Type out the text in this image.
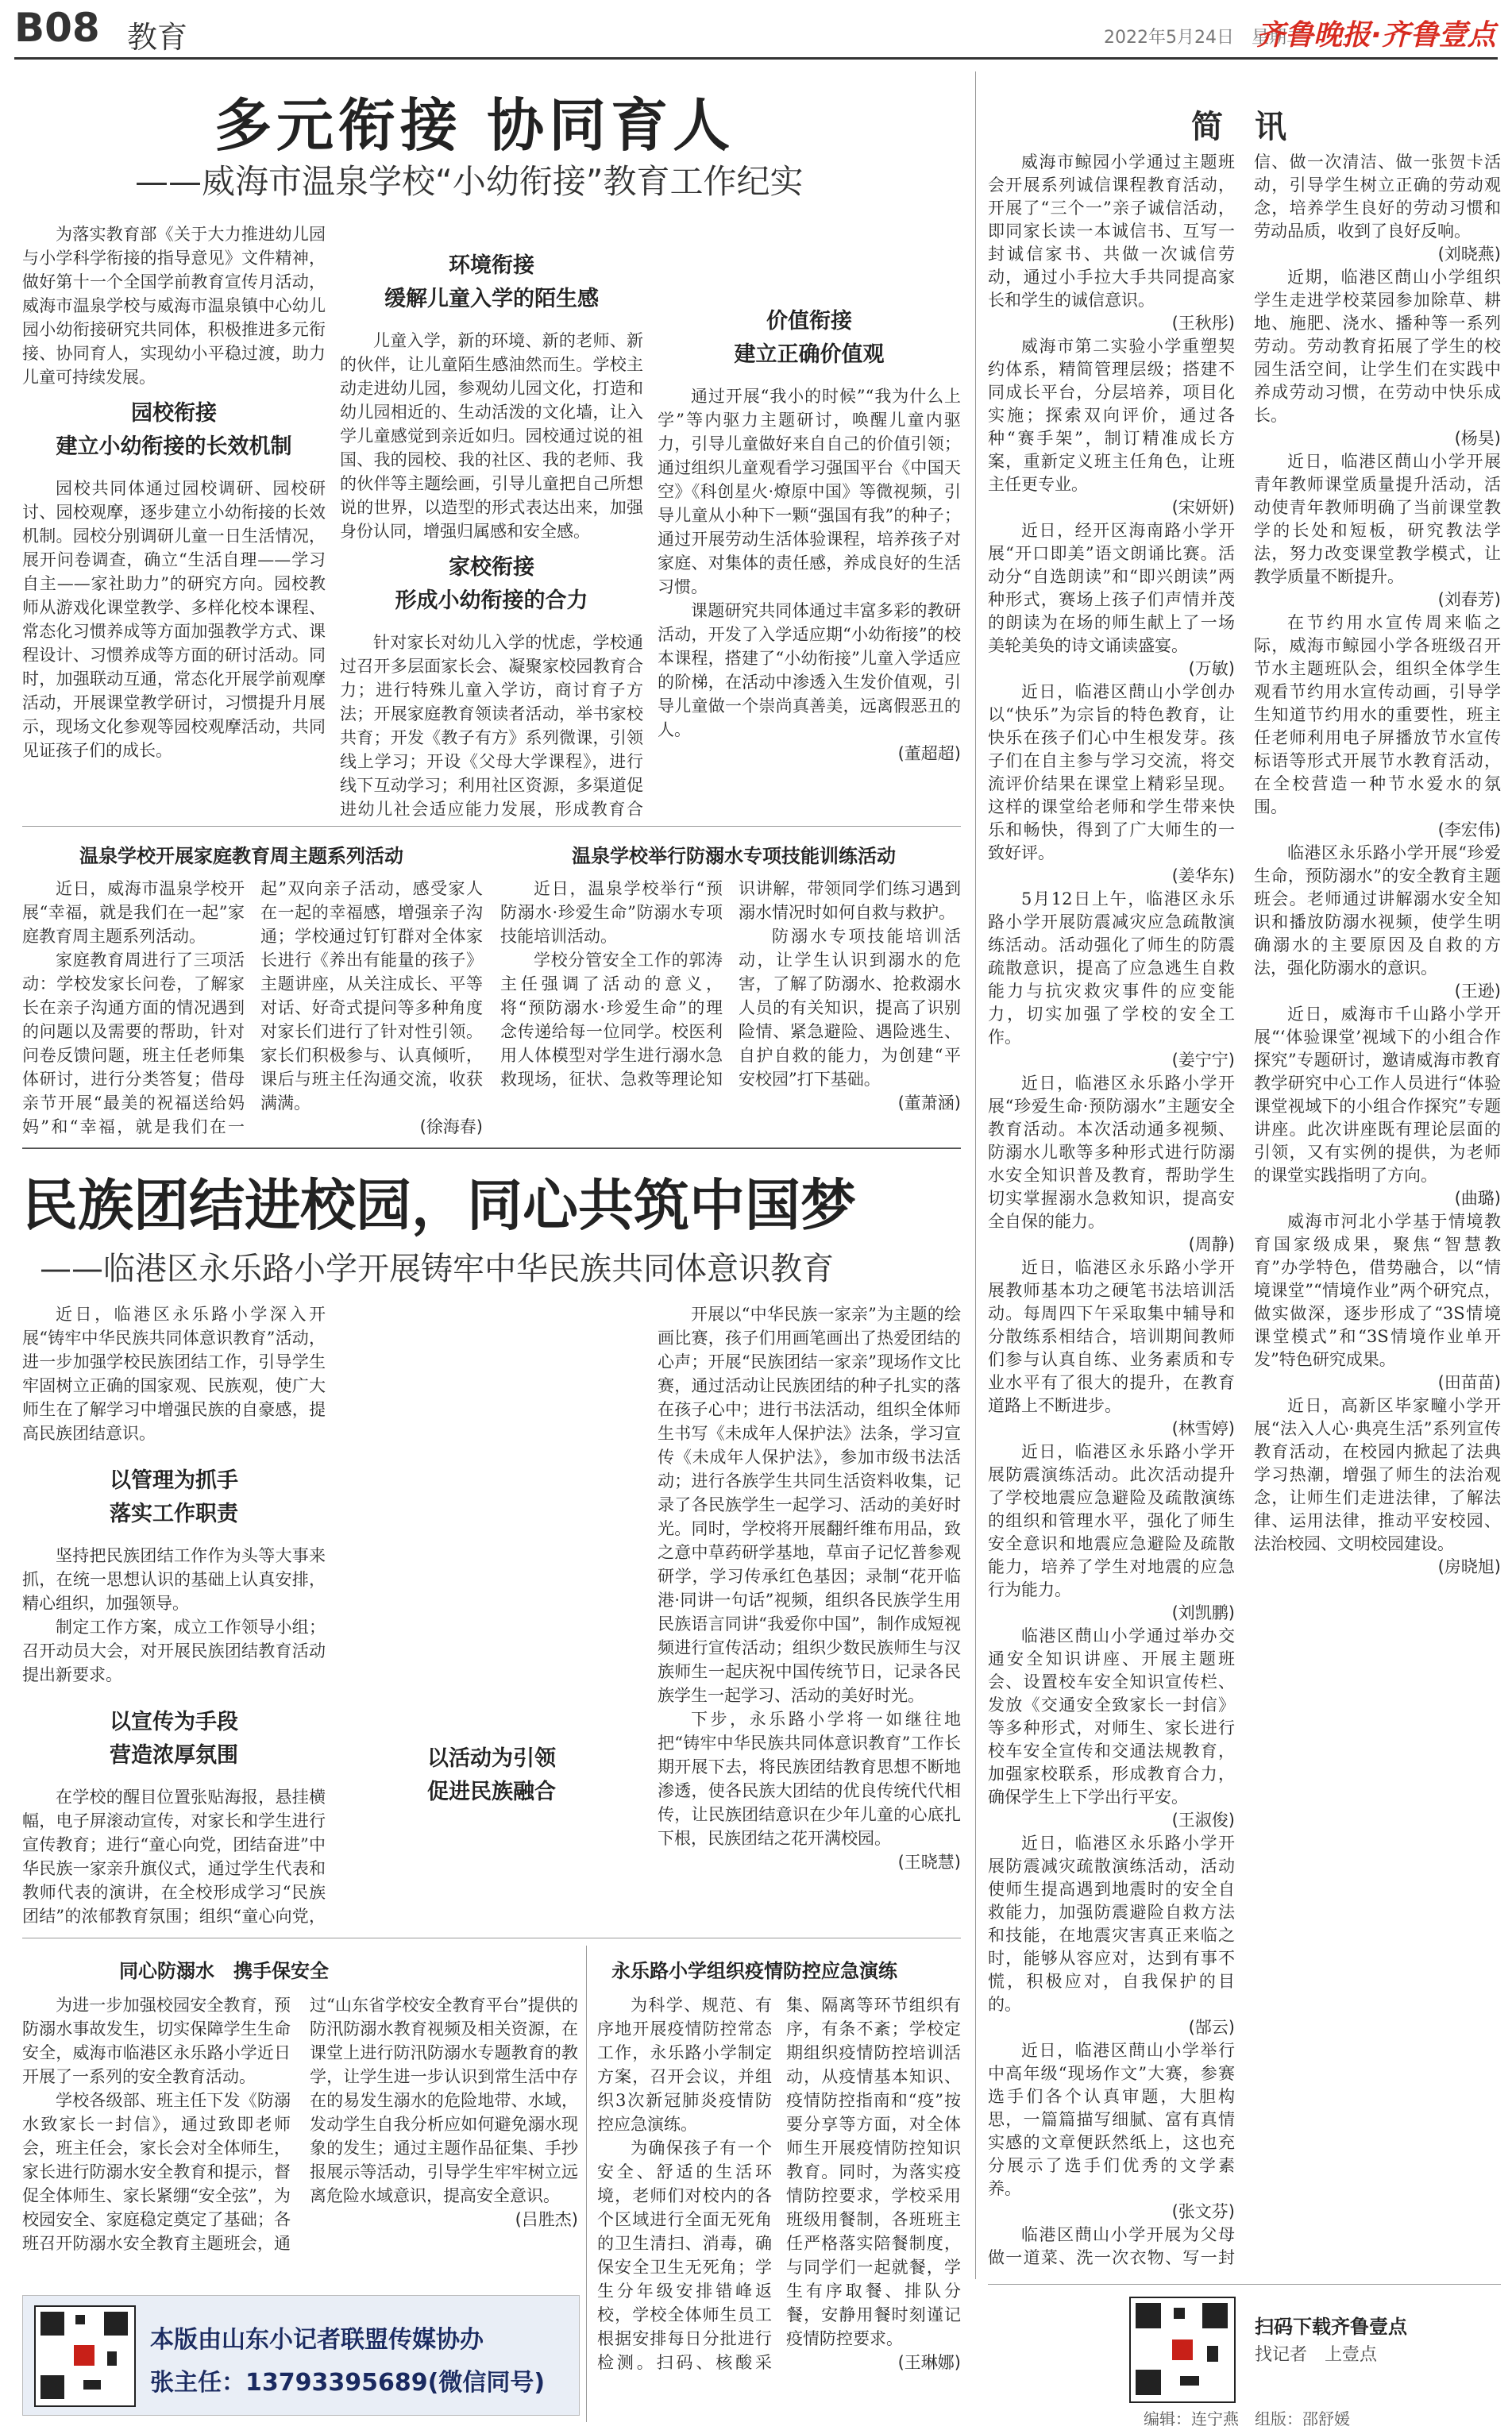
B08 教育	2022年5月24日　星期二
齐鲁晚报·齐鲁壹点
多元衔接 协同育人
——威海市温泉学校“小幼衔接”教育工作纪实

为落实教育部《关于大力推进幼儿园与小学科学衔接的指导意见》文件精神，做好第十一个全国学前教育宣传月活动，威海市温泉学校与威海市温泉镇中心幼儿园小幼衔接研究共同体，积极推进多元衔接、协同育人，实现幼小平稳过渡，助力儿童可持续发展。

园校衔接
建立小幼衔接的长效机制

园校共同体通过园校调研、园校研讨、园校观摩，逐步建立小幼衔接的长效机制。园校分别调研儿童一日生活情况，展开问卷调查，确立“生活自理——学习自主——家社助力”的研究方向。园校教师从游戏化课堂教学、多样化校本课程、常态化习惯养成等方面加强教学方式、课程设计、习惯养成等方面的研讨活动。同时，加强联动互通，常态化开展学前观摩活动，开展课堂教学研讨，习惯提升月展示，现场文化参观等园校观摩活动，共同见证孩子们的成长。

环境衔接
缓解儿童入学的陌生感

儿童入学，新的环境、新的老师、新的伙伴，让儿童陌生感油然而生。学校主动走进幼儿园，参观幼儿园文化，打造和幼儿园相近的、生动活泼的文化墙，让入学儿童感觉到亲近如归。园校通过说的祖国、我的园校、我的社区、我的老师、我的伙伴等主题绘画，引导儿童把自己所想说的世界，以造型的形式表达出来，加强身份认同，增强归属感和安全感。

家校衔接
形成小幼衔接的合力

针对家长对幼儿入学的忧虑，学校通过召开多层面家长会、凝聚家校园教育合力；进行特殊儿童入学访，商讨育子方法；开展家庭教育领读者活动，举书家校共育；开发《教子有方》系列微课，引领线上学习；开设《父母大学课程》，进行线下互动学习；利用社区资源，多渠道促进幼儿社会适应能力发展，形成教育合

价值衔接
建立正确价值观

通过开展“我小的时候”“我为什么上学”等内驱力主题研讨，唤醒儿童内驱力，引导儿童做好来自自己的价值引领；通过组织儿童观看学习强国平台《中国天空》《科创星火·燎原中国》等微视频，引导儿童从小种下一颗“强国有我”的种子；通过开展劳动生活体验课程，培养孩子对家庭、对集体的责任感，养成良好的生活习惯。

课题研究共同体通过丰富多彩的教研活动，开发了入学适应期“小幼衔接”的校本课程，搭建了“小幼衔接”儿童入学适应的阶梯，在活动中渗透入生发价值观，引导儿童做一个崇尚真善美，远离假恶丑的人。

(董超超)

温泉学校开展家庭教育周主题系列活动

近日，威海市温泉学校开展“幸福，就是我们在一起”家庭教育周主题系列活动。

家庭教育周进行了三项活动：学校发家长问卷，了解家长在亲子沟通方面的情况遇到的问题以及需要的帮助，针对问卷反馈问题，班主任老师集体研讨，进行分类答复；借母亲节开展“最美的祝福送给妈妈”和“幸福，就是我们在一起”双向亲子活动，感受家人在一起的幸福感，增强亲子沟通；学校通过钉钉群对全体家长进行《养出有能量的孩子》主题讲座，从关注成长、平等对话、好奇式提问等多种角度对家长们进行了针对性引领。家长们积极参与、认真倾听，课后与班主任沟通交流，收获满满。

(徐海春)

温泉学校举行防溺水专项技能训练活动

近日，温泉学校举行“预防溺水·珍爱生命”防溺水专项技能培训活动。

学校分管安全工作的郭涛主任强调了活动的意义，将“预防溺水·珍爱生命”的理念传递给每一位同学。校医利用人体模型对学生进行溺水急救现场，征状、急救等理论知识讲解，带领同学们练习遇到溺水情况时如何自救与救护。

防溺水专项技能培训活动，让学生认识到溺水的危害，了解了防溺水、抢救溺水人员的有关知识，提高了识别险情、紧急避险、遇险逃生、自护自救的能力，为创建“平安校园”打下基础。

(董萧涵)

民族团结进校园，同心共筑中国梦
——临港区永乐路小学开展铸牢中华民族共同体意识教育

近日，临港区永乐路小学深入开展“铸牢中华民族共同体意识教育”活动，进一步加强学校民族团结工作，引导学生牢固树立正确的国家观、民族观，使广大师生在了解学习中增强民族的自豪感，提高民族团结意识。

以管理为抓手
落实工作职责

坚持把民族团结工作作为头等大事来抓，在统一思想认识的基础上认真安排，精心组织，加强领导。

制定工作方案，成立工作领导小组；召开动员大会，对开展民族团结教育活动提出新要求。

以宣传为手段
营造浓厚氛围

在学校的醒目位置张贴海报，悬挂横幅，电子屏滚动宣传，对家长和学生进行宣传教育；进行“童心向党，团结奋进”中华民族一家亲升旗仪式，通过学生代表和教师代表的演讲，在全校形成学习“民族团结”的浓郁教育氛围；组织“童心向党，

以活动为引领
促进民族融合

开展以“中华民族一家亲”为主题的绘画比赛，孩子们用画笔画出了热爱团结的心声；开展“民族团结一家亲”现场作文比赛，通过活动让民族团结的种子扎实的落在孩子心中；进行书法活动，组织全体师生书写《未成年人保护法》法条，学习宣传《未成年人保护法》，参加市级书法活动；进行各族学生共同生活资料收集，记录了各民族学生一起学习、活动的美好时光。同时，学校将开展翻纤维布用品，致之意中草药研学基地，草亩子记忆普参观研学，学习传承红色基因；录制“花开临港·同讲一句话”视频，组织各民族学生用民族语言同讲“我爱你中国”，制作成短视频进行宣传活动；组织少数民族师生与汉族师生一起庆祝中国传统节日，记录各民族学生一起学习、活动的美好时光。

下步，永乐路小学将一如继往地把“铸牢中华民族共同体意识教育”工作长期开展下去，将民族团结教育思想不断地渗透，使各民族大团结的优良传统代代相传，让民族团结意识在少年儿童的心底扎下根，民族团结之花开满校园。

(王晓慧)

同心防溺水　携手保安全

为进一步加强校园安全教育，预防溺水事故发生，切实保障学生生命安全，威海市临港区永乐路小学近日开展了一系列的安全教育活动。

学校各级部、班主任下发《防溺水致家长一封信》，通过致即老师会，班主任会，家长会对全体师生，家长进行防溺水安全教育和提示，督促全体师生、家长紧绷“安全弦”，为校园安全、家庭稳定奠定了基础；各班召开防溺水安全教育主题班会，通过“山东省学校安全教育平台”提供的防汛防溺水教育视频及相关资源，在课堂上进行防汛防溺水专题教育的教学，让学生进一步认识到常生活中存在的易发生溺水的危险地带、水域，发动学生自我分析应如何避免溺水现象的发生；通过主题作品征集、手抄报展示等活动，引导学生牢牢树立远离危险水域意识，提高安全意识。

(吕胜杰)

永乐路小学组织疫情防控应急演练

为科学、规范、有序地开展疫情防控常态工作，永乐路小学制定方案，召开会议，并组织3次新冠肺炎疫情防控应急演练。

为确保孩子有一个安全、舒适的生活环境，老师们对校内的各个区域进行全面无死角的卫生清扫、消毒，确保安全卫生无死角；学生分年级安排错峰返校，学校全体师生员工根据安排每日分批进行检测。扫码、核酸采集、隔离等环节组织有序，有条不紊；学校定期组织疫情防控培训活动，从疫情基本知识、疫情防控指南和“疫”按要分享等方面，对全体师生开展疫情防控知识教育。同时，为落实疫情防控要求，学校采用班级用餐制，各班班主任严格落实陪餐制度，与同学们一起就餐，学生有序取餐、排队分餐，安静用餐时刻谨记疫情防控要求。

(王琳娜)

本版由山东小记者联盟传媒协办
张主任：13793395689(微信同号)
简讯

威海市鲸园小学通过主题班会开展系列诚信课程教育活动，开展了“三个一”亲子诚信活动，即同家长读一本诚信书、互写一封诚信家书、共做一次诚信劳动，通过小手拉大手共同提高家长和学生的诚信意识。

(王秋彤)

威海市第二实验小学重塑契约体系，精简管理层级；搭建不同成长平台，分层培养，项目化实施；探索双向评价，通过各种“赛手架”，制订精准成长方案，重新定义班主任角色，让班主任更专业。

(宋妍妍)

近日，经开区海南路小学开展“开口即美”语文朗诵比赛。活动分“自选朗读”和“即兴朗读”两种形式，赛场上孩子们声情并茂的朗读为在场的师生献上了一场美轮美奂的诗文诵读盛宴。

(万敏)

近日，临港区蔄山小学创办以“快乐”为宗旨的特色教育，让快乐在孩子们心中生根发芽。孩子们在自主参与学习交流，将交流评价结果在课堂上精彩呈现。这样的课堂给老师和学生带来快乐和畅快，得到了广大师生的一致好评。

(姜华东)

5月12日上午，临港区永乐路小学开展防震减灾应急疏散演练活动。活动强化了师生的防震疏散意识，提高了应急逃生自救能力与抗灾救灾事件的应变能力，切实加强了学校的安全工作。

(姜宁宁)

近日，临港区永乐路小学开展“珍爱生命·预防溺水”主题安全教育活动。本次活动通多视频、防溺水儿歌等多种形式进行防溺水安全知识普及教育，帮助学生切实掌握溺水急救知识，提高安全自保的能力。

(周静)

近日，临港区永乐路小学开展教师基本功之硬笔书法培训活动。每周四下午采取集中辅导和分散练系相结合，培训期间教师们参与认真自练、业务素质和专业水平有了很大的提升，在教育道路上不断进步。

(林雪婷)

近日，临港区永乐路小学开展防震演练活动。此次活动提升了学校地震应急避险及疏散演练的组织和管理水平，强化了师生安全意识和地震应急避险及疏散能力，培养了学生对地震的应急行为能力。

(刘凯鹏)

临港区蔄山小学通过举办交通安全知识讲座、开展主题班会、设置校车安全知识宣传栏、发放《交通安全致家长一封信》等多种形式，对师生、家长进行校车安全宣传和交通法规教育，加强家校联系，形成教育合力，确保学生上下学出行平安。

(王淑俊)

近日，临港区永乐路小学开展防震减灾疏散演练活动，活动使师生提高遇到地震时的安全自救能力，加强防震避险自救方法和技能，在地震灾害真正来临之时，能够从容应对，达到有事不慌，积极应对，自我保护的目的。

(郜云)

近日，临港区蔄山小学举行中高年级“现场作文”大赛，参赛选手们各个认真审题，大胆构思，一篇篇描写细腻、富有真情实感的文章便跃然纸上，这也充分展示了选手们优秀的文学素养。

(张文芬)

临港区蔄山小学开展为父母做一道菜、洗一次衣物、写一封信、做一次清洁、做一张贺卡活动，引导学生树立正确的劳动观念，培养学生良好的劳动习惯和劳动品质，收到了良好反响。

(刘晓燕)

近期，临港区蔄山小学组织学生走进学校菜园参加除草、耕地、施肥、浇水、播种等一系列劳动。劳动教育拓展了学生的校园生活空间，让学生们在实践中养成劳动习惯，在劳动中快乐成长。

(杨昊)

近日，临港区蔄山小学开展青年教师课堂质量提升活动，活动使青年教师明确了当前课堂教学的长处和短板，研究教法学法，努力改变课堂教学模式，让教学质量不断提升。

(刘春芳)

在节约用水宣传周来临之际，威海市鲸园小学各班级召开节水主题班队会，组织全体学生观看节约用水宣传动画，引导学生知道节约用水的重要性，班主任老师利用电子屏播放节水宣传标语等形式开展节水教育活动，在全校营造一种节水爱水的氛围。

(李宏伟)

临港区永乐路小学开展“珍爱生命，预防溺水”的安全教育主题班会。老师通过讲解溺水安全知识和播放防溺水视频，使学生明确溺水的主要原因及自救的方法，强化防溺水的意识。

(王逊)

近日，威海市千山路小学开展“‘体验课堂’视域下的小组合作探究”专题研讨，邀请威海市教育教学研究中心工作人员进行“体验课堂视域下的小组合作探究”专题讲座。此次讲座既有理论层面的引领，又有实例的提供，为老师的课堂实践指明了方向。

(曲璐)

威海市河北小学基于情境教育国家级成果，聚焦“智慧教育”办学特色，借势融合，以“情境课堂”“情境作业”两个研究点，做实做深，逐步形成了“3S情境课堂模式”和“3S情境作业单开发”特色研究成果。

(田苗苗)

近日，高新区毕家疃小学开展“法入人心·典亮生活”系列宣传教育活动，在校园内掀起了法典学习热潮，增强了师生的法治观念，让师生们走进法律，了解法律、运用法律，推动平安校园、法治校园、文明校园建设。

(房晓旭)

扫码下载齐鲁壹点
找记者　上壹点
编辑：连宁燕　组版：邵舒媛
